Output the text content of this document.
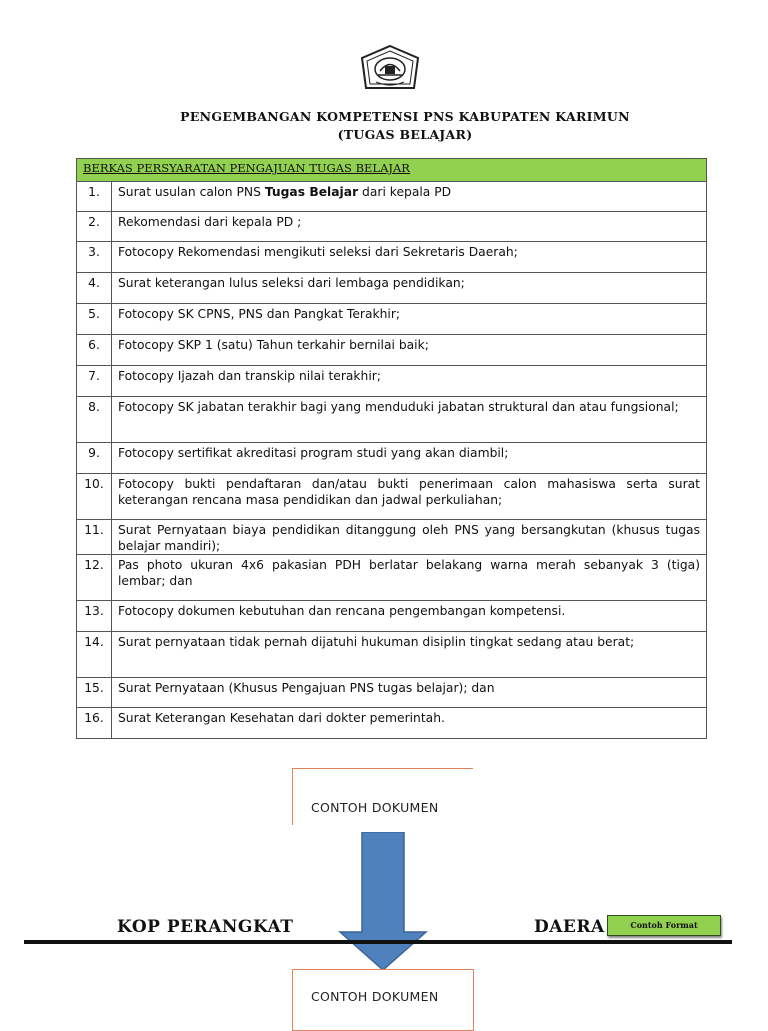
PENGEMBANGAN KOMPETENSI PNS KABUPATEN KARIMUN
(TUGAS BELAJAR)
BERKAS PERSYARATAN PENGAJUAN TUGAS BELAJAR	
1.	Surat usulan calon PNS Tugas Belajar dari kepala PD
2.	Rekomendasi dari kepala PD ;
3.	Fotocopy Rekomendasi mengikuti seleksi dari Sekretaris Daerah;
4.	Surat keterangan lulus seleksi dari lembaga pendidikan;
5.	Fotocopy SK CPNS, PNS dan Pangkat Terakhir;
6.	Fotocopy SKP 1 (satu) Tahun terkahir bernilai baik;
7.	Fotocopy Ijazah dan transkip nilai terakhir;
8.	Fotocopy SK jabatan terakhir bagi yang menduduki jabatan struktural dan atau fungsional;
9.	Fotocopy sertifikat akreditasi program studi yang akan diambil;
10.	Fotocopy bukti pendaftaran dan/atau bukti penerimaan calon mahasiswa serta surat keterangan rencana masa pendidikan dan jadwal perkuliahan;
11.	Surat Pernyataan biaya pendidikan ditanggung oleh PNS yang bersangkutan (khusus tugas belajar mandiri);
12.	Pas photo ukuran 4x6 pakasian PDH berlatar belakang warna merah sebanyak 3 (tiga) lembar; dan
13.	Fotocopy dokumen kebutuhan dan rencana pengembangan kompetensi.
14.	Surat pernyataan tidak pernah dijatuhi hukuman disiplin tingkat sedang atau berat;
15.	Surat Pernyataan (Khusus Pengajuan PNS tugas belajar); dan
16.	Surat Keterangan Kesehatan dari dokter pemerintah.
CONTOH DOKUMEN
KOP PERANGKAT	DAERA	Contoh Format
CONTOH DOKUMEN
